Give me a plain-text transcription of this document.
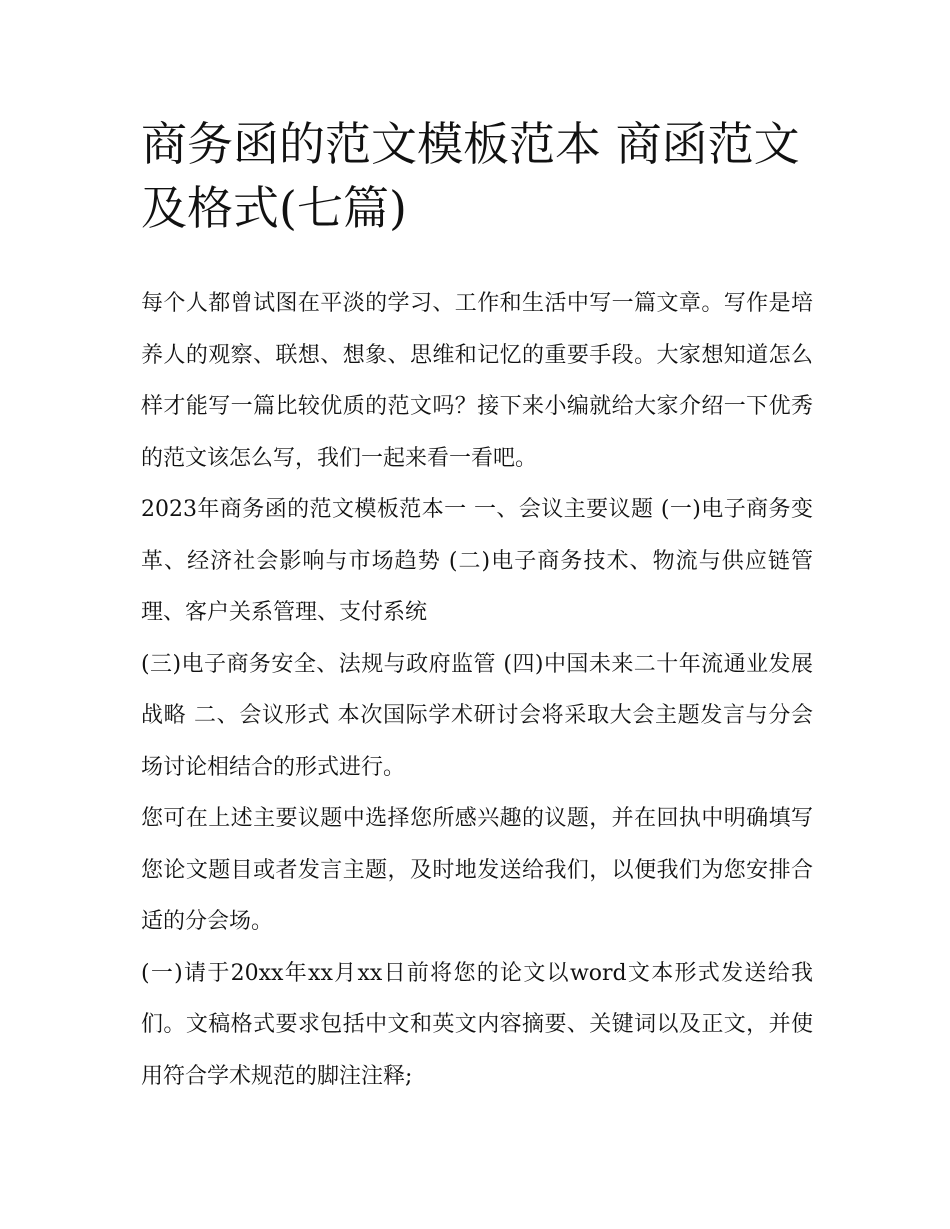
商务函的范文模板范本 商函范文及格式(七篇)

每个人都曾试图在平淡的学习、工作和生活中写一篇文章。写作是培养人的观察、联想、想象、思维和记忆的重要手段。大家想知道怎么样才能写一篇比较优质的范文吗？接下来小编就给大家介绍一下优秀的范文该怎么写，我们一起来看一看吧。

2023年商务函的范文模板范本一 一、会议主要议题 (一)电子商务变革、经济社会影响与市场趋势 (二)电子商务技术、物流与供应链管理、客户关系管理、支付系统

(三)电子商务安全、法规与政府监管 (四)中国未来二十年流通业发展战略 二、会议形式 本次国际学术研讨会将采取大会主题发言与分会场讨论相结合的形式进行。

您可在上述主要议题中选择您所感兴趣的议题，并在回执中明确填写您论文题目或者发言主题，及时地发送给我们，以便我们为您安排合适的分会场。

(一)请于20xx年xx月xx日前将您的论文以word文本形式发送给我们。文稿格式要求包括中文和英文内容摘要、关键词以及正文，并使用符合学术规范的脚注注释;
